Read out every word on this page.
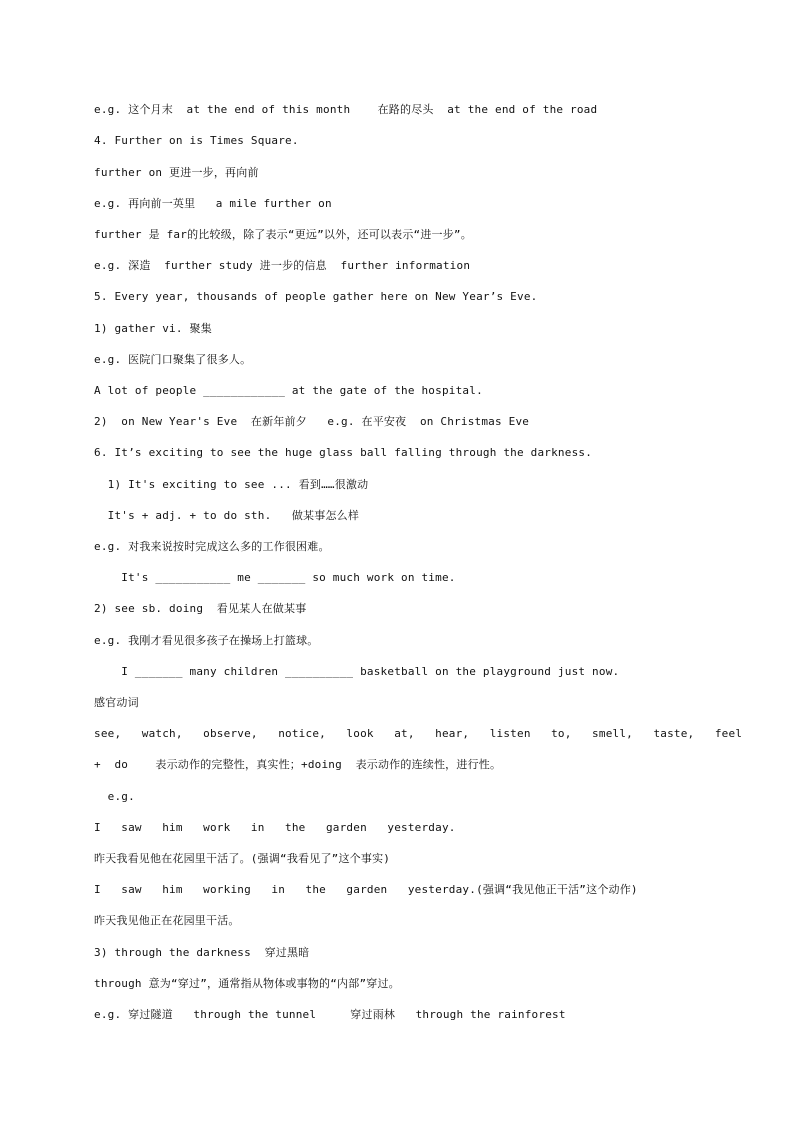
e.g. 这个月末  at the end of this month    在路的尽头  at the end of the road
4. Further on is Times Square.
further on 更进一步，再向前
e.g. 再向前一英里   a mile further on
further 是 far的比较级，除了表示“更远”以外，还可以表示“进一步”。
e.g. 深造  further study 进一步的信息  further information
5. Every year, thousands of people gather here on New Year’s Eve.
1) gather vi. 聚集
e.g. 医院门口聚集了很多人。
A lot of people ____________ at the gate of the hospital.
2)  on New Year's Eve  在新年前夕   e.g. 在平安夜  on Christmas Eve
6. It’s exciting to see the huge glass ball falling through the darkness.
1) It's exciting to see ... 看到……很激动
It's + adj. + to do sth.   做某事怎么样
e.g. 对我来说按时完成这么多的工作很困难。
It's ___________ me _______ so much work on time.
2) see sb. doing  看见某人在做某事
e.g. 我刚才看见很多孩子在操场上打篮球。
I _______ many children __________ basketball on the playground just now.
感官动词
see,   watch,   observe,   notice,   look   at,   hear,   listen   to,   smell,   taste,   feel
+  do    表示动作的完整性，真实性；+doing  表示动作的连续性，进行性。
e.g.
I   saw   him   work   in   the   garden   yesterday.
昨天我看见他在花园里干活了。(强调“我看见了”这个事实)
I   saw   him   working   in   the   garden   yesterday.(强调“我见他正干活”这个动作)
昨天我见他正在花园里干活。
3) through the darkness  穿过黑暗
through 意为“穿过”，通常指从物体或事物的“内部”穿过。
e.g. 穿过隧道   through the tunnel     穿过雨林   through the rainforest
